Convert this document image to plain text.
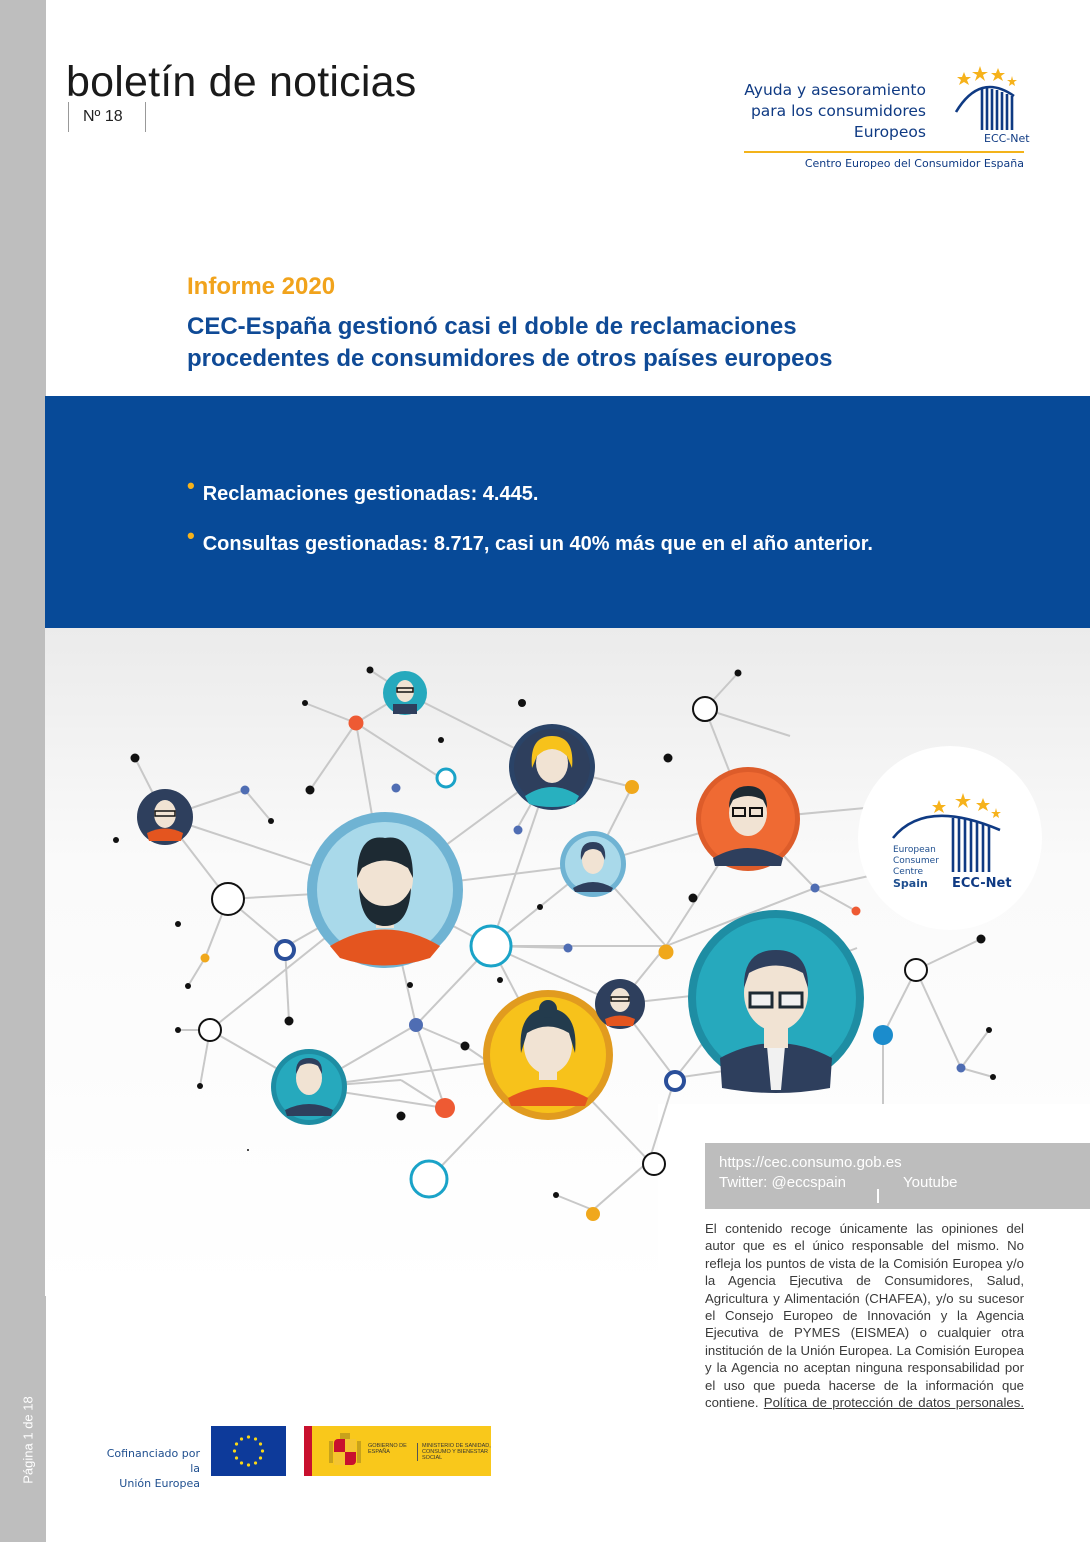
Página 1 de 18
boletín de noticias
Nº 18
Ayuda y asesoramiento
para los consumidores
Europeos	ECC-Net
Centro Europeo del Consumidor España
Informe 2020
CEC-España gestionó casi el doble de reclamaciones
procedentes de consumidores de otros países europeos
• Reclamaciones gestionadas: 4.445.
• Consultas gestionadas: 8.717, casi un 40% más que en el año anterior.
European
Consumer
Centre
Spain	ECC-Net
https://cec.consumo.gob.es
Twitter: @eccspain	Youtube
El contenido recoge únicamente las opiniones del autor que es el único responsable del mismo. No refleja los puntos de vista de la Comisión Europea y/o la Agencia Ejecutiva de Consumidores, Salud, Agricultura y Alimentación (CHAFEA), y/o su sucesor el Consejo Europeo de Innovación y la Agencia Ejecutiva de PYMES (EISMEA) o cualquier otra institución de la Unión Europea. La Comisión Europea y la Agencia no aceptan ninguna responsabilidad por el uso que pueda hacerse de la información que contiene. Política de protección de datos personales.
Cofinanciado por la
Unión Europea
GOBIERNO DE ESPAÑA
MINISTERIO DE SANIDAD, CONSUMO Y BIENESTAR SOCIAL
